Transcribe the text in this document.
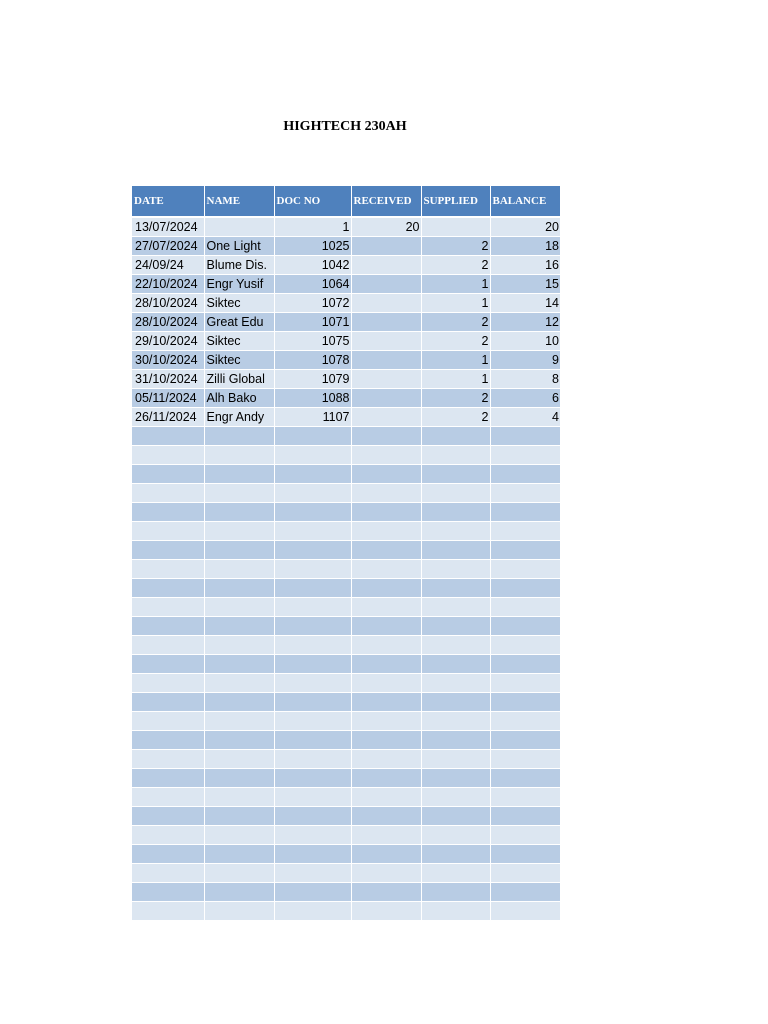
HIGHTECH 230AH
DATE	NAME	DOC NO	RECEIVED	SUPPLIED	BALANCE

13/07/2024		1	20		20
27/07/2024	One Light	1025		2	18
24/09/24	Blume Dis.	1042		2	16
22/10/2024	Engr Yusif	1064		1	15
28/10/2024	Siktec	1072		1	14
28/10/2024	Great Edu	1071		2	12
29/10/2024	Siktec	1075		2	10
30/10/2024	Siktec	1078		1	9
31/10/2024	Zilli Global	1079		1	8
05/11/2024	Alh Bako	1088		2	6
26/11/2024	Engr Andy	1107		2	4
